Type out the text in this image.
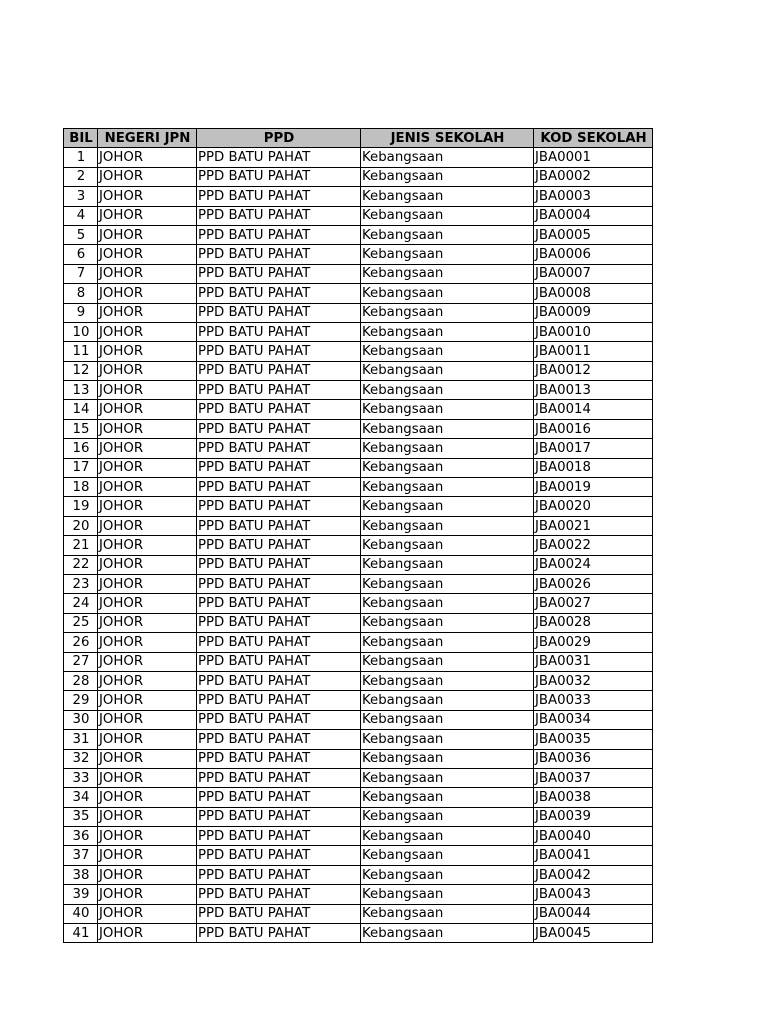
BIL	NEGERI JPN	PPD	JENIS SEKOLAH	KOD SEKOLAH
1	JOHOR	PPD BATU PAHAT	Kebangsaan	JBA0001
2	JOHOR	PPD BATU PAHAT	Kebangsaan	JBA0002
3	JOHOR	PPD BATU PAHAT	Kebangsaan	JBA0003
4	JOHOR	PPD BATU PAHAT	Kebangsaan	JBA0004
5	JOHOR	PPD BATU PAHAT	Kebangsaan	JBA0005
6	JOHOR	PPD BATU PAHAT	Kebangsaan	JBA0006
7	JOHOR	PPD BATU PAHAT	Kebangsaan	JBA0007
8	JOHOR	PPD BATU PAHAT	Kebangsaan	JBA0008
9	JOHOR	PPD BATU PAHAT	Kebangsaan	JBA0009
10	JOHOR	PPD BATU PAHAT	Kebangsaan	JBA0010
11	JOHOR	PPD BATU PAHAT	Kebangsaan	JBA0011
12	JOHOR	PPD BATU PAHAT	Kebangsaan	JBA0012
13	JOHOR	PPD BATU PAHAT	Kebangsaan	JBA0013
14	JOHOR	PPD BATU PAHAT	Kebangsaan	JBA0014
15	JOHOR	PPD BATU PAHAT	Kebangsaan	JBA0016
16	JOHOR	PPD BATU PAHAT	Kebangsaan	JBA0017
17	JOHOR	PPD BATU PAHAT	Kebangsaan	JBA0018
18	JOHOR	PPD BATU PAHAT	Kebangsaan	JBA0019
19	JOHOR	PPD BATU PAHAT	Kebangsaan	JBA0020
20	JOHOR	PPD BATU PAHAT	Kebangsaan	JBA0021
21	JOHOR	PPD BATU PAHAT	Kebangsaan	JBA0022
22	JOHOR	PPD BATU PAHAT	Kebangsaan	JBA0024
23	JOHOR	PPD BATU PAHAT	Kebangsaan	JBA0026
24	JOHOR	PPD BATU PAHAT	Kebangsaan	JBA0027
25	JOHOR	PPD BATU PAHAT	Kebangsaan	JBA0028
26	JOHOR	PPD BATU PAHAT	Kebangsaan	JBA0029
27	JOHOR	PPD BATU PAHAT	Kebangsaan	JBA0031
28	JOHOR	PPD BATU PAHAT	Kebangsaan	JBA0032
29	JOHOR	PPD BATU PAHAT	Kebangsaan	JBA0033
30	JOHOR	PPD BATU PAHAT	Kebangsaan	JBA0034
31	JOHOR	PPD BATU PAHAT	Kebangsaan	JBA0035
32	JOHOR	PPD BATU PAHAT	Kebangsaan	JBA0036
33	JOHOR	PPD BATU PAHAT	Kebangsaan	JBA0037
34	JOHOR	PPD BATU PAHAT	Kebangsaan	JBA0038
35	JOHOR	PPD BATU PAHAT	Kebangsaan	JBA0039
36	JOHOR	PPD BATU PAHAT	Kebangsaan	JBA0040
37	JOHOR	PPD BATU PAHAT	Kebangsaan	JBA0041
38	JOHOR	PPD BATU PAHAT	Kebangsaan	JBA0042
39	JOHOR	PPD BATU PAHAT	Kebangsaan	JBA0043
40	JOHOR	PPD BATU PAHAT	Kebangsaan	JBA0044
41	JOHOR	PPD BATU PAHAT	Kebangsaan	JBA0045
